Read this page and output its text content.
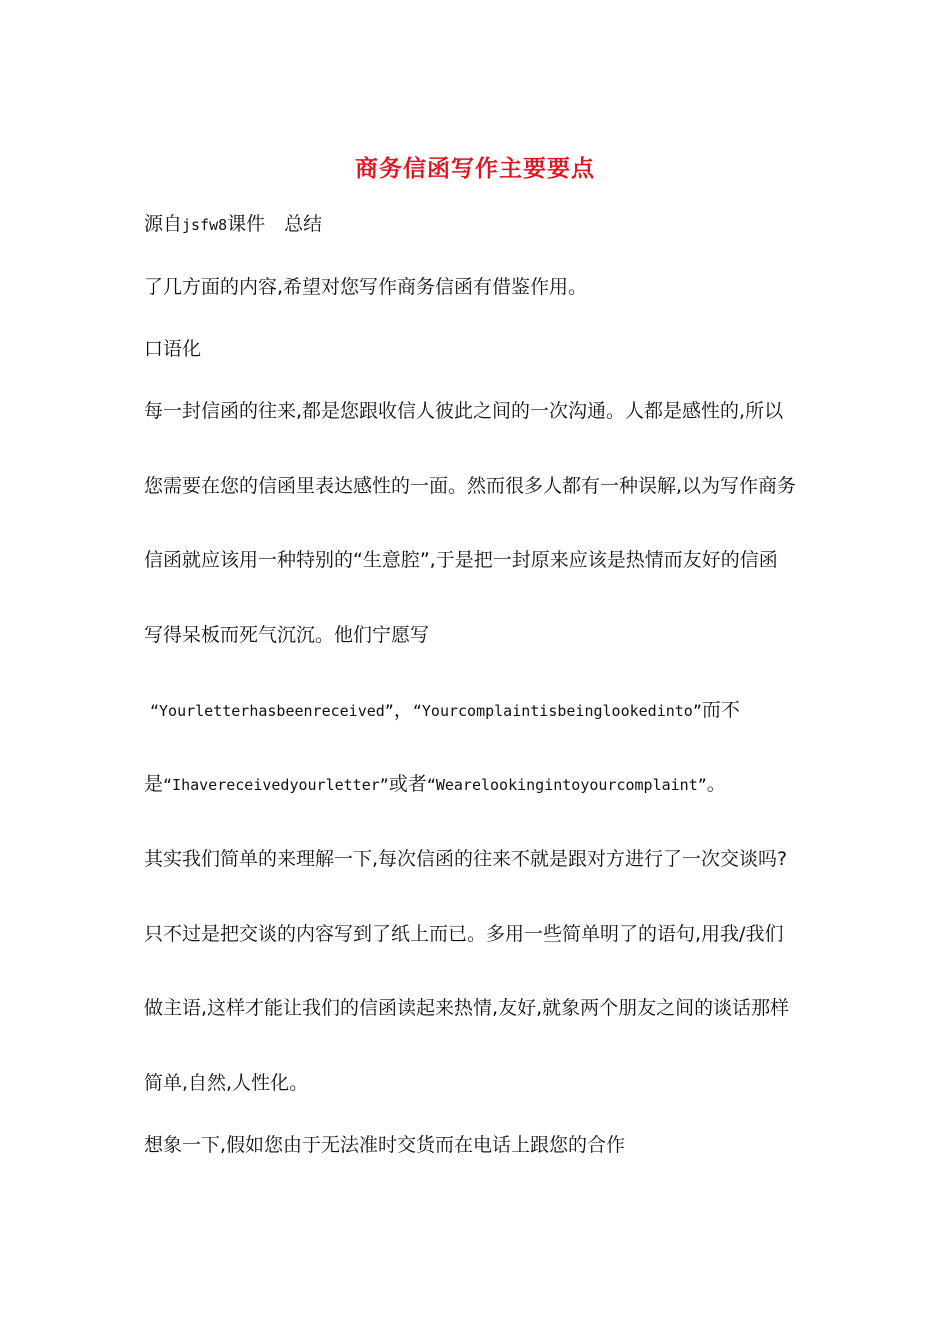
商务信函写作主要要点
源自jsfw8课件　总结
了几方面的内容,希望对您写作商务信函有借鉴作用。
口语化
每一封信函的往来,都是您跟收信人彼此之间的一次沟通。人都是感性的,所以
您需要在您的信函里表达感性的一面。然而很多人都有一种误解,以为写作商务
信函就应该用一种特别的“生意腔”,于是把一封原来应该是热情而友好的信函
写得呆板而死气沉沉。他们宁愿写
“Yourletterhasbeenreceived”，“Yourcomplaintisbeinglookedinto”而不
是“Ihavereceivedyourletter”或者“Wearelookingintoyourcomplaint”。
其实我们简单的来理解一下,每次信函的往来不就是跟对方进行了一次交谈吗?
只不过是把交谈的内容写到了纸上而已。多用一些简单明了的语句,用我/我们
做主语,这样才能让我们的信函读起来热情,友好,就象两个朋友之间的谈话那样
简单,自然,人性化。
想象一下,假如您由于无法准时交货而在电话上跟您的合作
